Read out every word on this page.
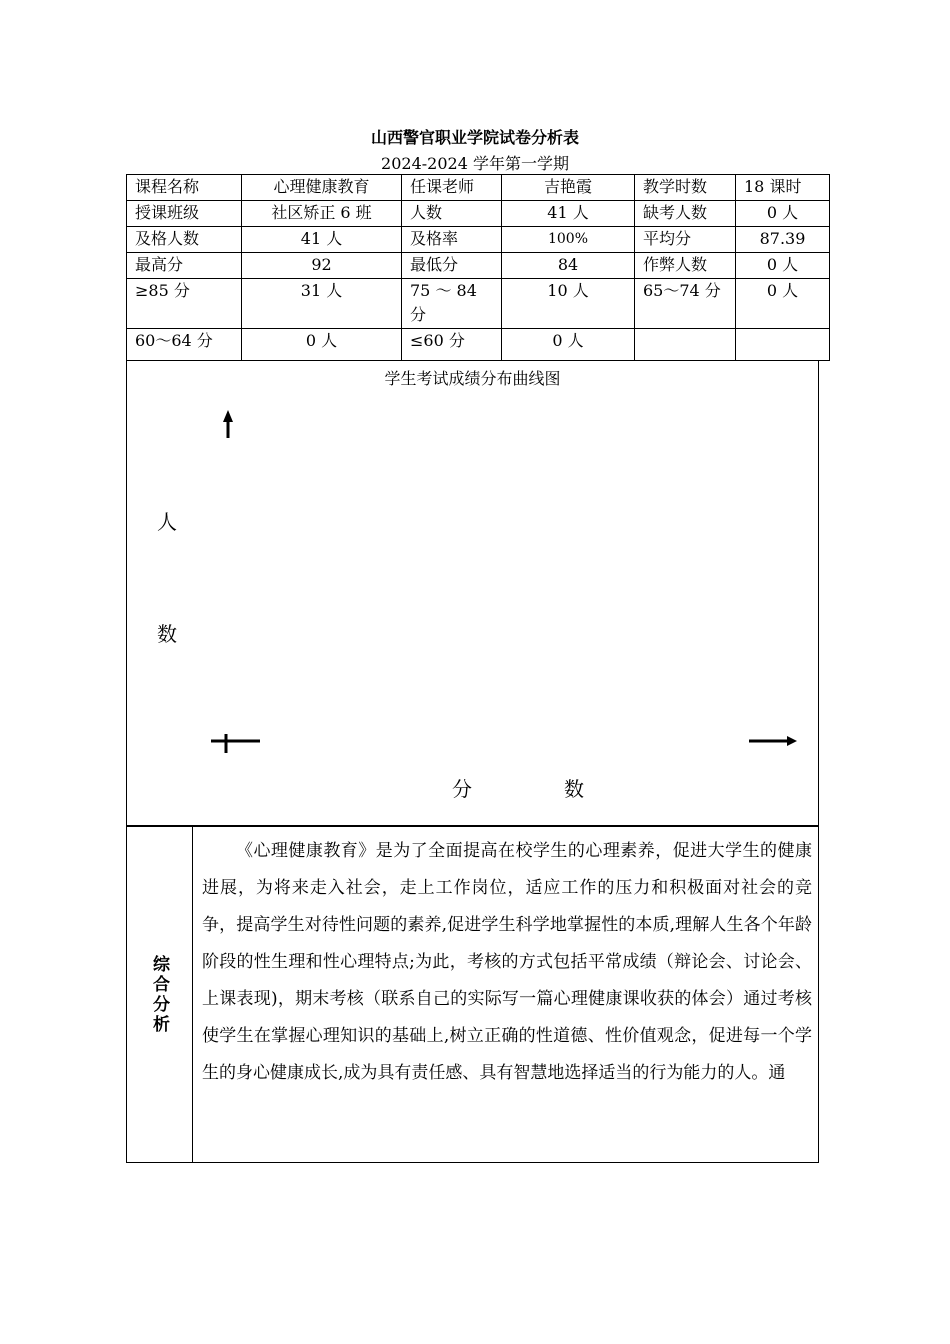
山西警官职业学院试卷分析表
2024-2024 学年第一学期
课程名称	心理健康教育	任课老师	吉艳霞	教学时数	18 课时
授课班级	社区矫正 6 班	人数	41 人	缺考人数	0 人
及格人数	41 人	及格率	100%	平均分	87.39
最高分	92	最低分	84	作弊人数	0 人
≥85 分	31 人	75 ～ 84 分	10 人	65～74 分	0 人
60～64 分	0 人	≤60 分	0 人		
学生考试成绩分布曲线图
人
数
分	数
综合分析
《心理健康教育》是为了全面提高在校学生的心理素养，促进大学生的健康进展，为将来走入社会，走上工作岗位，适应工作的压力和积极面对社会的竞争，提高学生对待性问题的素养,促进学生科学地掌握性的本质,理解人生各个年龄阶段的性生理和性心理特点;为此，考核的方式包括平常成绩（辩论会、讨论会、上课表现)，期末考核（联系自己的实际写一篇心理健康课收获的体会）通过考核使学生在掌握心理知识的基础上,树立正确的性道德、性价值观念，促进每一个学生的身心健康成长,成为具有责任感、具有智慧地选择适当的行为能力的人。通
